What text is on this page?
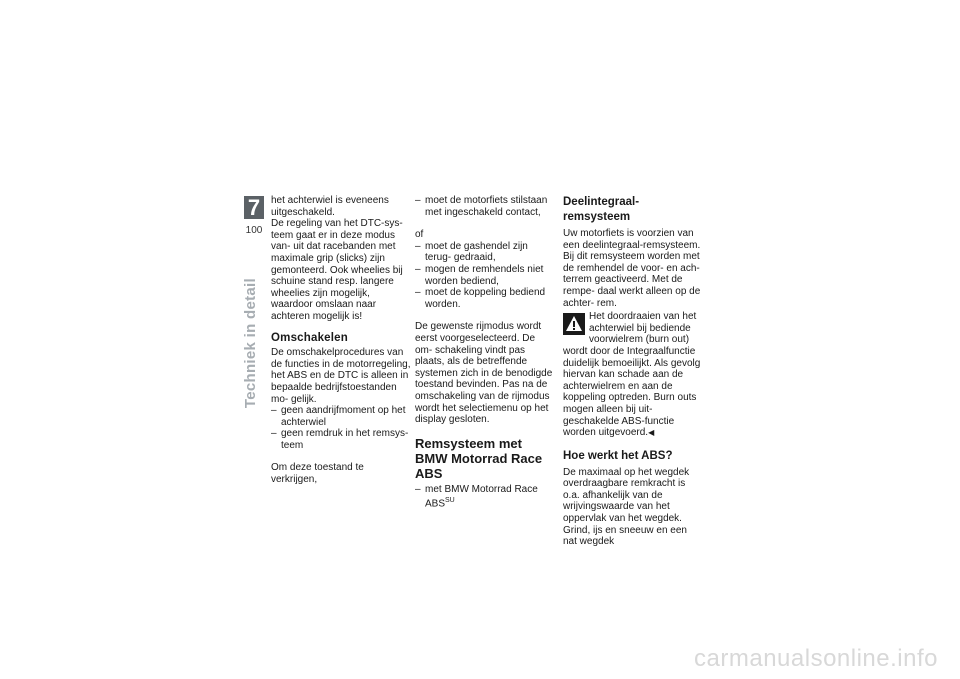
7
100
Techniek in detail

het achterwiel is eveneens uitgeschakeld.

De regeling van het DTC-sys- teem gaat er in deze modus van- uit dat racebanden met maximale grip (slicks) zijn gemonteerd. Ook wheelies bij schuine stand resp. langere wheelies zijn mogelijk, waardoor omslaan naar achteren mogelijk is!

Omschakelen

De omschakelprocedures van de functies in de motorregeling, het ABS en de DTC is alleen in bepaalde bedrijfstoestanden mo- gelijk.

– geen aandrijfmoment op het achterwiel
– geen remdruk in het remsys- teem

Om deze toestand te verkrijgen,

– moet de motorfiets stilstaan met ingeschakeld contact,

of

– moet de gashendel zijn terug- gedraaid,
– mogen de remhendels niet worden bediend,
– moet de koppeling bediend worden.

De gewenste rijmodus wordt eerst voorgeselecteerd. De om- schakeling vindt pas plaats, als de betreffende systemen zich in de benodigde toestand bevinden. Pas na de omschakeling van de rijmodus wordt het selectiemenu op het display gesloten.

Remsysteem met BMW Motorrad Race ABS
– met BMW Motorrad Race $ABS^{SU}$
Deelintegraal-remsysteem

Uw motorfiets is voorzien van een deelintegraal-remsysteem. Bij dit remsysteem worden met de remhendel de voor- en ach- terrem geactiveerd. Met de rempe- daal werkt alleen op de achter- rem.

Het doordraaien van het achterwiel bij bediende voorwielrem (burn out) wordt door de Integraalfunctie duidelijk bemoeilijkt. Als gevolg hiervan kan schade aan de achterwielrem en aan de koppeling optreden. Burn outs mogen alleen bij uit- geschakelde ABS-functie worden uitgevoerd.◀
Hoe werkt het ABS?

De maximaal op het wegdek overdraagbare remkracht is o.a. afhankelijk van de wrijvingswaarde van het oppervlak van het wegdek. Grind, ijs en sneeuw en een nat wegdek

carmanualsonline.info
